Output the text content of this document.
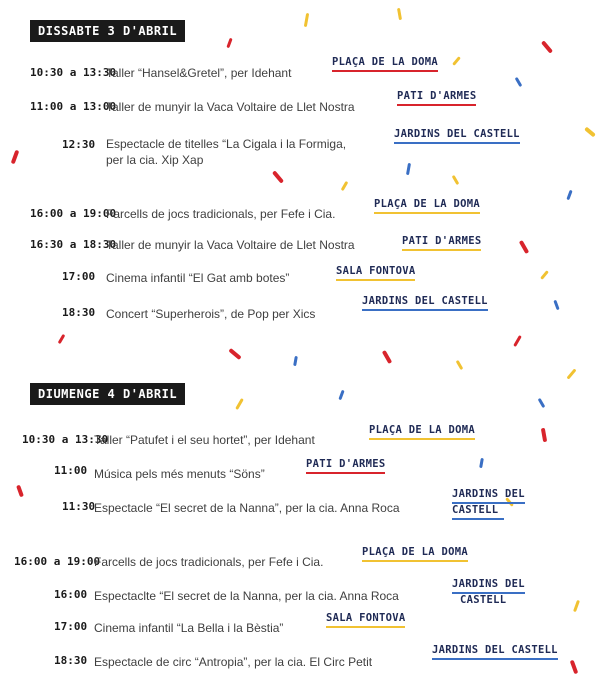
DISSABTE 3 D'ABRIL
10:30 a 13:30
Taller “Hansel&Gretel”, per Idehant
PLAÇA DE LA DOMA
11:00 a 13:00
Taller de munyir la Vaca Voltaire de Llet Nostra
PATI D'ARMES
12:30 Espectacle de titelles “La Cigala i la Formiga,
per la cia. Xip Xap
JARDINS DEL CASTELL
16:00 a 19:00
Farcells de jocs tradicionals, per Fefe i Cia.
PLAÇA DE LA DOMA
16:30 a 18:30
Taller de munyir la Vaca Voltaire de Llet Nostra	PATI D'ARMES
17:00 Cinema infantil “El Gat amb botes”	SALA FONTOVA
18:30 Concert “Superherois”, de Pop per Xics
JARDINS DEL CASTELL
DIUMENGE 4 D'ABRIL
10:30 a 13:30
Taller “Patufet i el seu hortet”, per Idehant
PLAÇA DE LA DOMA
11:00 Música pels més menuts “Söns”
PATI D'ARMES
11:30
Espectacle “El secret de la Nanna”, per la cia. Anna Roca
JARDINS DEL
CASTELL
16:00 a 19:00
Farcells de jocs tradicionals, per Fefe i Cia.
PLAÇA DE LA DOMA
16:00 Espectaclte “El secret de la Nanna, per la cia. Anna Roca
JARDINS DEL
CASTELL
17:00 Cinema infantil “La Bella i la Bèstia”
SALA FONTOVA
18:30 Espectacle de circ “Antropia”, per la cia. El Circ Petit
JARDINS DEL CASTELL
